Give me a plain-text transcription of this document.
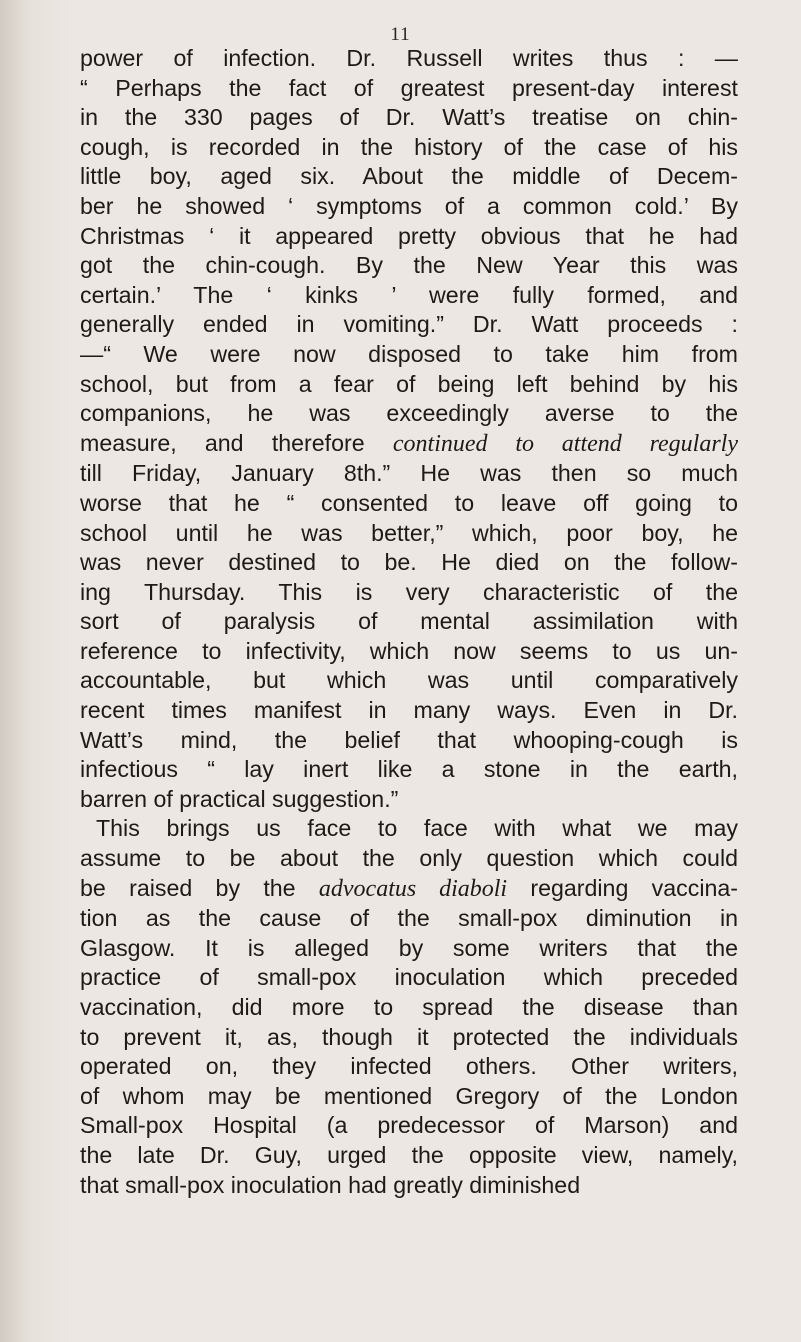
11

power of infection. Dr. Russell writes thus : —

“ Perhaps the fact of greatest present-day interest

in the 330 pages of Dr. Watt’s treatise on chin-

cough, is recorded in the history of the case of his

little boy, aged six. About the middle of Decem-

ber he showed ‘ symptoms of a common cold.’ By

Christmas ‘ it appeared pretty obvious that he had

got the chin-cough. By the New Year this was

certain.’ The ‘ kinks ’ were fully formed, and

generally ended in vomiting.” Dr. Watt proceeds :

—“ We were now disposed to take him from

school, but from a fear of being left behind by his

companions, he was exceedingly averse to the

measure, and therefore continued to attend regularly

till Friday, January 8th.” He was then so much

worse that he “ consented to leave off going to

school until he was better,” which, poor boy, he

was never destined to be. He died on the follow-

ing Thursday. This is very characteristic of the

sort of paralysis of mental assimilation with

reference to infectivity, which now seems to us un-

accountable, but which was until comparatively

recent times manifest in many ways. Even in Dr.

Watt’s mind, the belief that whooping-cough is

infectious “ lay inert like a stone in the earth,

barren of practical suggestion.”

This brings us face to face with what we may

assume to be about the only question which could

be raised by the advocatus diaboli regarding vaccina-

tion as the cause of the small-pox diminution in

Glasgow. It is alleged by some writers that the

practice of small-pox inoculation which preceded

vaccination, did more to spread the disease than

to prevent it, as, though it protected the individuals

operated on, they infected others. Other writers,

of whom may be mentioned Gregory of the London

Small-pox Hospital (a predecessor of Marson) and

the late Dr. Guy, urged the opposite view, namely,

that small-pox inoculation had greatly diminished
